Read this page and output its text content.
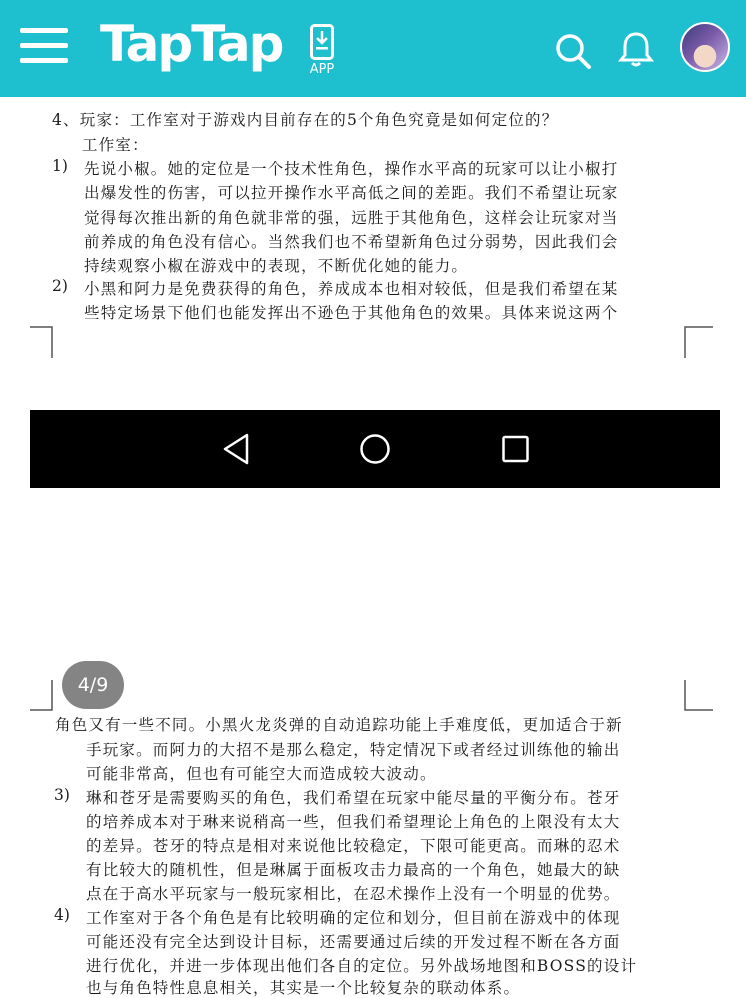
TapTap	APP
4、玩家：工作室对于游戏内目前存在的5个角色究竟是如何定位的？
工作室：
1) 先说小椒。她的定位是一个技术性角色，操作水平高的玩家可以让小椒打
出爆发性的伤害，可以拉开操作水平高低之间的差距。我们不希望让玩家
觉得每次推出新的角色就非常的强，远胜于其他角色，这样会让玩家对当
前养成的角色没有信心。当然我们也不希望新角色过分弱势，因此我们会
持续观察小椒在游戏中的表现，不断优化她的能力。
2) 小黑和阿力是免费获得的角色，养成成本也相对较低，但是我们希望在某
些特定场景下他们也能发挥出不逊色于其他角色的效果。具体来说这两个
4/9
角色又有一些不同。小黑火龙炎弹的自动追踪功能上手难度低，更加适合于新
手玩家。而阿力的大招不是那么稳定，特定情况下或者经过训练他的输出
可能非常高，但也有可能空大而造成较大波动。
3) 琳和苍牙是需要购买的角色，我们希望在玩家中能尽量的平衡分布。苍牙
的培养成本对于琳来说稍高一些，但我们希望理论上角色的上限没有太大
的差异。苍牙的特点是相对来说他比较稳定，下限可能更高。而琳的忍术
有比较大的随机性，但是琳属于面板攻击力最高的一个角色，她最大的缺
点在于高水平玩家与一般玩家相比，在忍术操作上没有一个明显的优势。
4) 工作室对于各个角色是有比较明确的定位和划分，但目前在游戏中的体现
可能还没有完全达到设计目标，还需要通过后续的开发过程不断在各方面
进行优化，并进一步体现出他们各自的定位。另外战场地图和BOSS的设计
也与角色特性息息相关，其实是一个比较复杂的联动体系。
